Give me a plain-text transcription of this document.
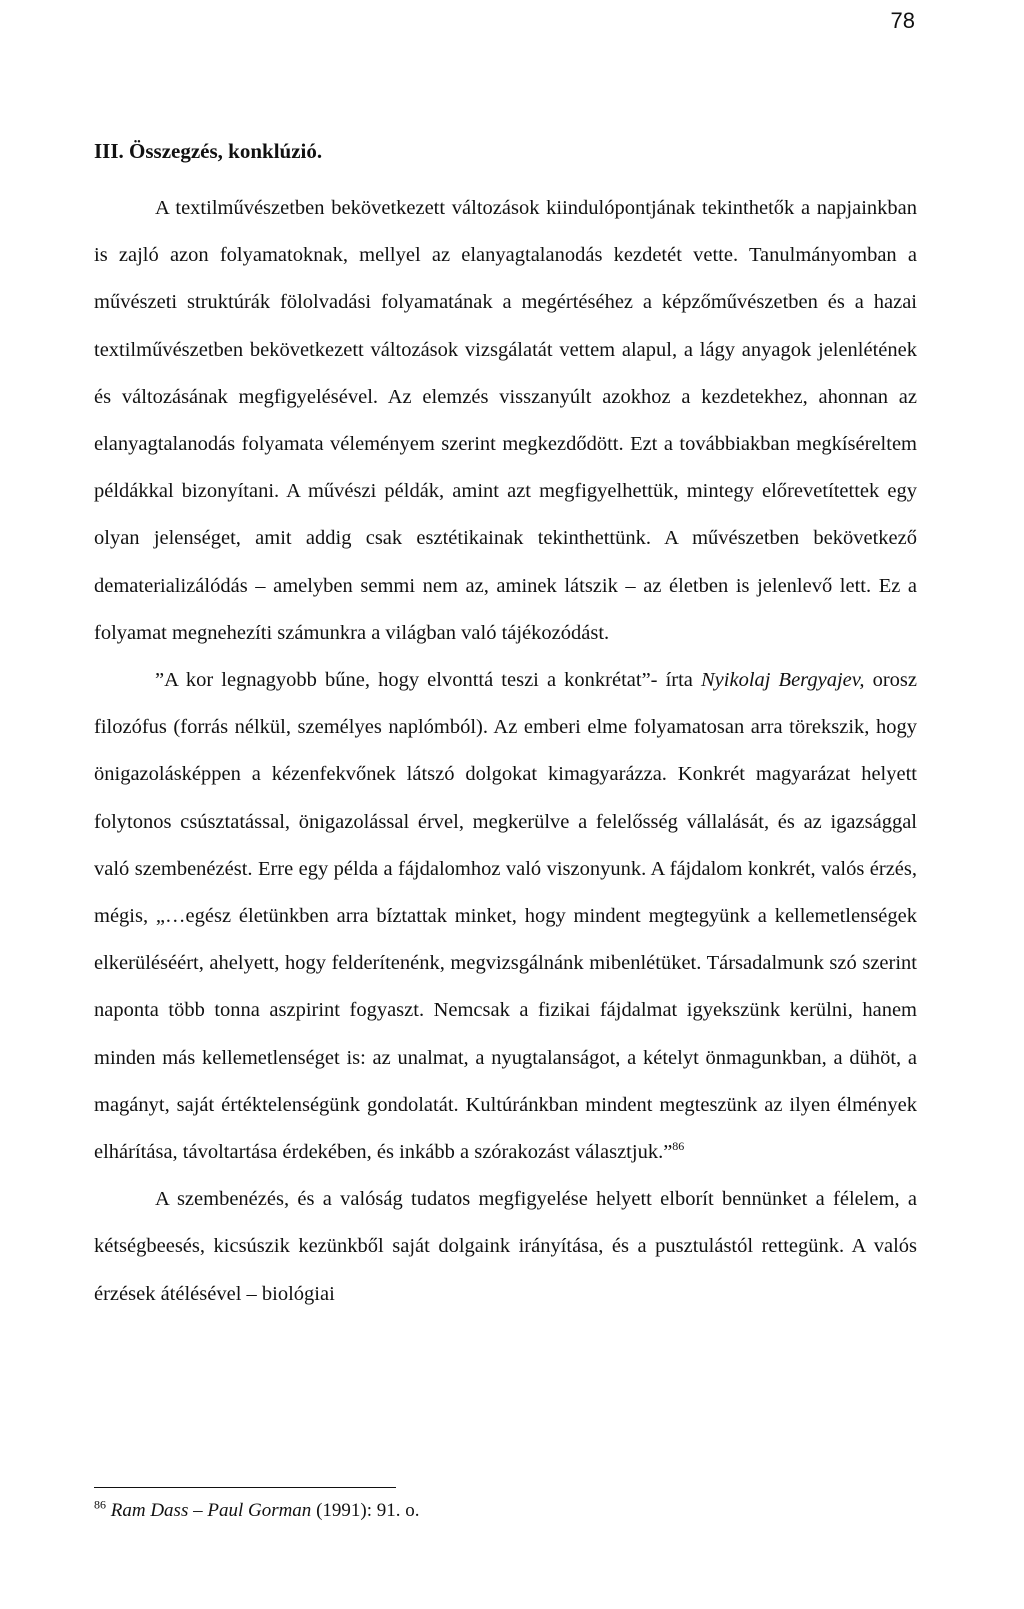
78
III. Összegzés, konklúzió.

A textilművészetben bekövetkezett változások kiindulópontjának tekinthetők a napjainkban is zajló azon folyamatoknak, mellyel az elanyagtalanodás kezdetét vette. Tanulmányomban a művészeti struktúrák fölolvadási folyamatának a megértéséhez a képzőművészetben és a hazai textilművészetben bekövetkezett változások vizsgálatát vettem alapul, a lágy anyagok jelenlétének és változásának megfigyelésével. Az elemzés visszanyúlt azokhoz a kezdetekhez, ahonnan az elanyagtalanodás folyamata véleményem szerint megkezdődött. Ezt a továbbiakban megkíséreltem példákkal bizonyítani. A művészi példák, amint azt megfigyelhettük, mintegy előrevetítettek egy olyan jelenséget, amit addig csak esztétikainak tekinthettünk. A művészetben bekövetkező dematerializálódás – amelyben semmi nem az, aminek látszik – az életben is jelenlevő lett. Ez a folyamat megnehezíti számunkra a világban való tájékozódást.

”A kor legnagyobb bűne, hogy elvonttá teszi a konkrétat”- írta Nyikolaj Bergyajev, orosz filozófus (forrás nélkül, személyes naplómból). Az emberi elme folyamatosan arra törekszik, hogy önigazolásképpen a kézenfekvőnek látszó dolgokat kimagyarázza. Konkrét magyarázat helyett folytonos csúsztatással, önigazolással érvel, megkerülve a felelősség vállalását, és az igazsággal való szembenézést. Erre egy példa a fájdalomhoz való viszonyunk. A fájdalom konkrét, valós érzés, mégis, „…egész életünkben arra bíztattak minket, hogy mindent megtegyünk a kellemetlenségek elkerüléséért, ahelyett, hogy felderítenénk, megvizsgálnánk mibenlétüket. Társadalmunk szó szerint naponta több tonna aszpirint fogyaszt. Nemcsak a fizikai fájdalmat igyekszünk kerülni, hanem minden más kellemetlenséget is: az unalmat, a nyugtalanságot, a kételyt önmagunkban, a dühöt, a magányt, saját értéktelenségünk gondolatát. Kultúránkban mindent megteszünk az ilyen élmények elhárítása, távoltartása érdekében, és inkább a szórakozást választjuk.”$^{86}$

A szembenézés, és a valóság tudatos megfigyelése helyett elborít bennünket a félelem, a kétségbeesés, kicsúszik kezünkből saját dolgaink irányítása, és a pusztulástól rettegünk. A valós érzések átélésével – biológiai

$^{86}$ Ram Dass – Paul Gorman (1991): 91. o.
